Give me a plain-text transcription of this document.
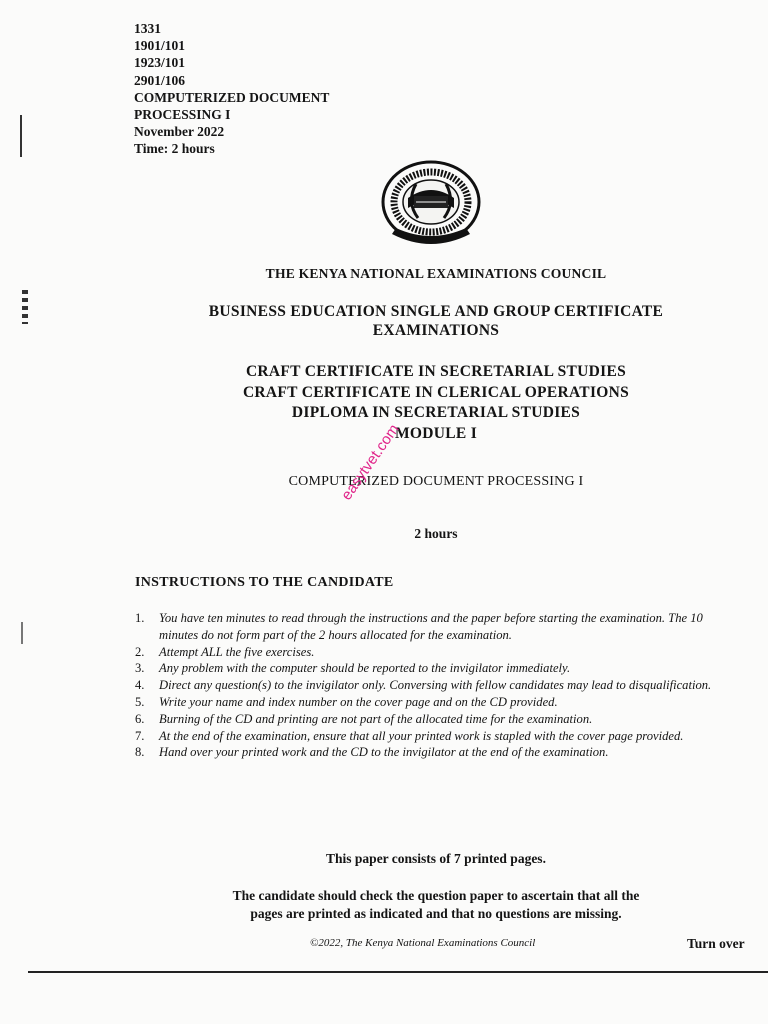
1331
1901/101
1923/101
2901/106
COMPUTERIZED DOCUMENT
PROCESSING I
November 2022
Time: 2 hours
THE KENYA NATIONAL EXAMINATIONS COUNCIL
BUSINESS EDUCATION SINGLE AND GROUP CERTIFICATE
EXAMINATIONS
CRAFT CERTIFICATE IN SECRETARIAL STUDIES
CRAFT CERTIFICATE IN CLERICAL OPERATIONS
DIPLOMA IN SECRETARIAL STUDIES
MODULE I
COMPUTERIZED DOCUMENT PROCESSING I
easytvet.com
2 hours
INSTRUCTIONS TO THE CANDIDATE
1. You have ten minutes to read through the instructions and the paper before starting the examination. The 10 minutes do not form part of the 2 hours allocated for the examination.
2. Attempt ALL the five exercises.
3. Any problem with the computer should be reported to the invigilator immediately.
4. Direct any question(s) to the invigilator only. Conversing with fellow candidates may lead to disqualification.
5. Write your name and index number on the cover page and on the CD provided.
6. Burning of the CD and printing are not part of the allocated time for the examination.
7. At the end of the examination, ensure that all your printed work is stapled with the cover page provided.
8. Hand over your printed work and the CD to the invigilator at the end of the examination.
This paper consists of 7 printed pages.
The candidate should check the question paper to ascertain that all the
pages are printed as indicated and that no questions are missing.
©2022, The Kenya National Examinations Council	Turn over
